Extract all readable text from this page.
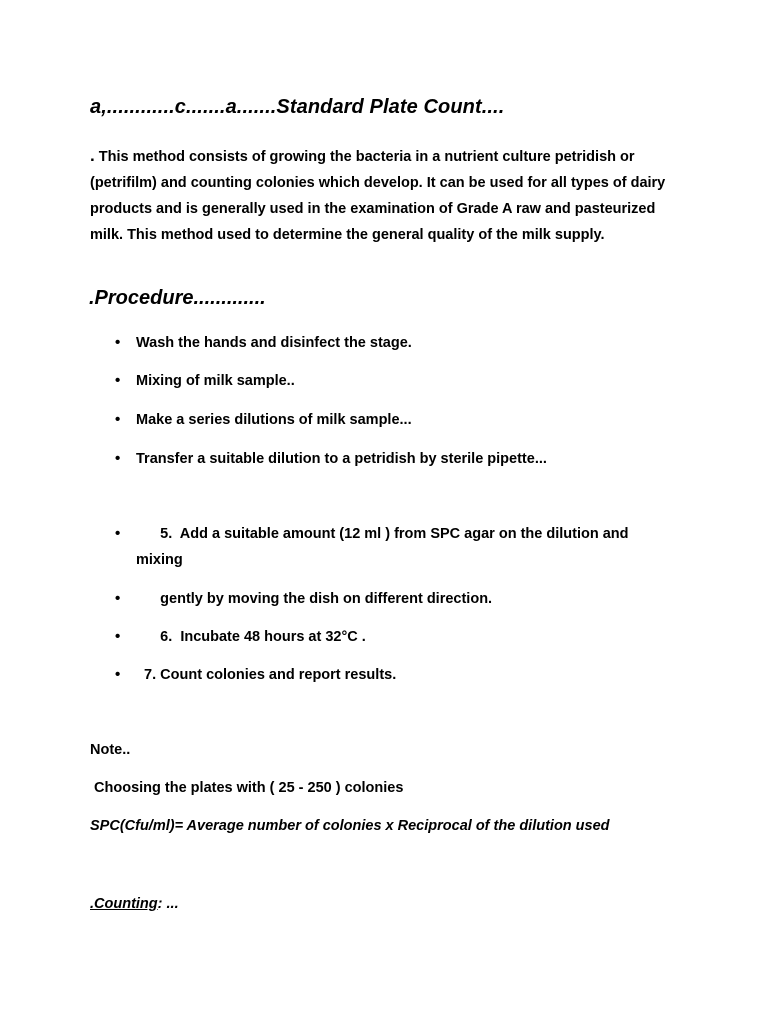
a,............c.......a.......Standard Plate Count....
. This method consists of growing the bacteria in a nutrient culture petridish or (petrifilm) and counting colonies which develop. It can be used for all types of dairy products and is generally used in the examination of Grade A raw and pasteurized milk. This method used to determine the general quality of the milk supply.
.Procedure.............
•	Wash the hands and disinfect the stage.
•	Mixing of milk sample..
•	Make a series dilutions of milk sample...
•	Transfer a suitable dilution to a petridish by sterile pipette...
•	5.  Add a suitable amount (12 ml ) from SPC agar on the dilution and mixing
•	gently by moving the dish on different direction.
•	6.  Incubate 48 hours at 32°C .
•	7. Count colonies and report results.
Note..
Choosing the plates with ( 25 - 250 ) colonies
SPC(Cfu/ml)= Average number of colonies x Reciprocal of the dilution used
.Counting: ...
